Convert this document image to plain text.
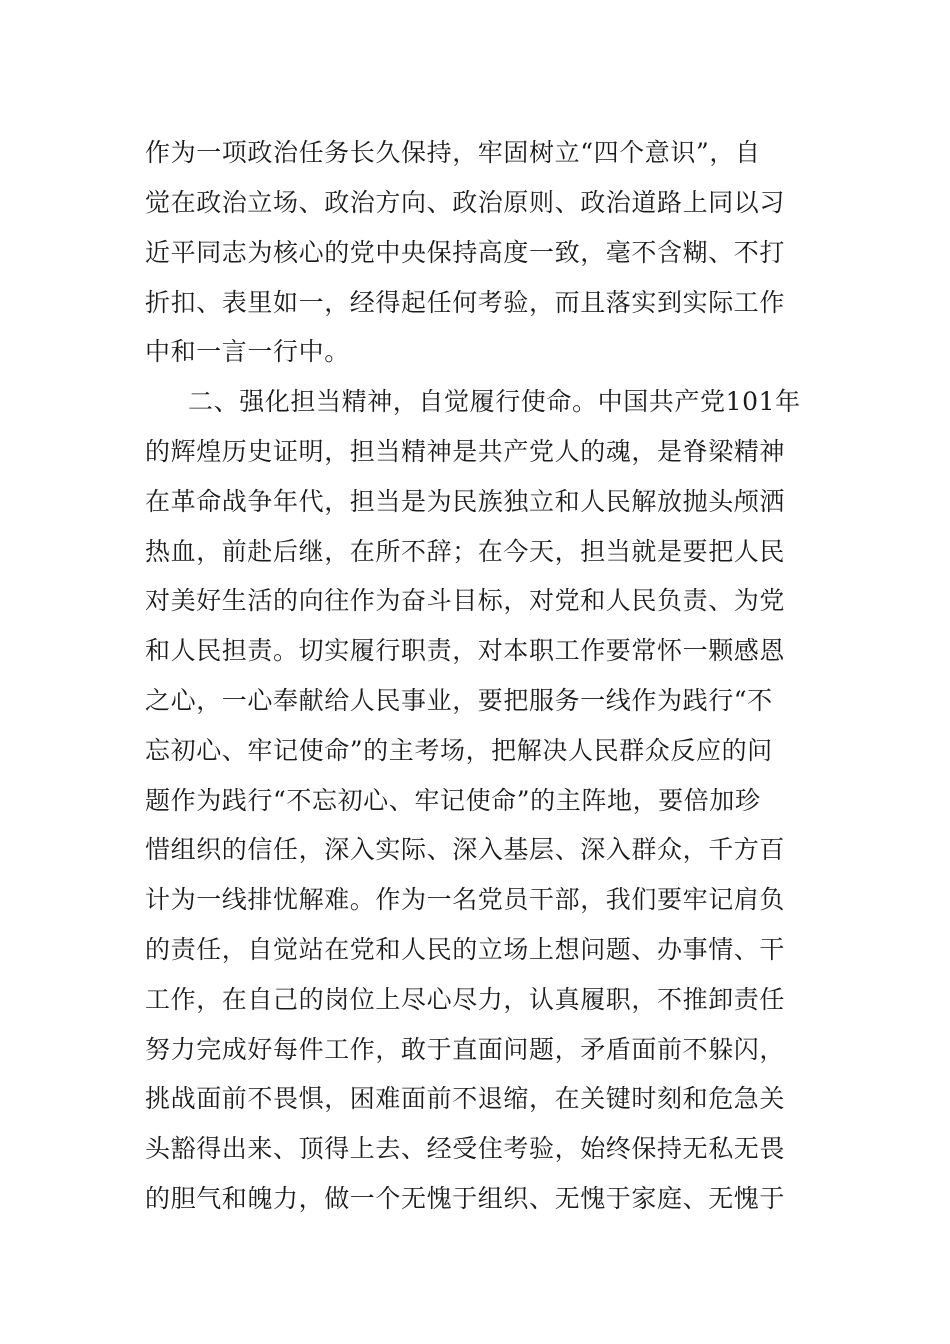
作为一项政治任务长久保持，牢固树立“四个意识”，自
觉在政治立场、政治方向、政治原则、政治道路上同以习
近平同志为核心的党中央保持高度一致，毫不含糊、不打
折扣、表里如一，经得起任何考验，而且落实到实际工作
中和一言一行中。
二、强化担当精神，自觉履行使命。中国共产党101年
的辉煌历史证明，担当精神是共产党人的魂，是脊梁精神
在革命战争年代，担当是为民族独立和人民解放抛头颅洒
热血，前赴后继，在所不辞；在今天，担当就是要把人民
对美好生活的向往作为奋斗目标，对党和人民负责、为党
和人民担责。切实履行职责，对本职工作要常怀一颗感恩
之心，一心奉献给人民事业，要把服务一线作为践行“不
忘初心、牢记使命”的主考场，把解决人民群众反应的问
题作为践行“不忘初心、牢记使命”的主阵地，要倍加珍
惜组织的信任，深入实际、深入基层、深入群众，千方百
计为一线排忧解难。作为一名党员干部，我们要牢记肩负
的责任，自觉站在党和人民的立场上想问题、办事情、干
工作，在自己的岗位上尽心尽力，认真履职，不推卸责任
努力完成好每件工作，敢于直面问题，矛盾面前不躲闪，
挑战面前不畏惧，困难面前不退缩，在关键时刻和危急关
头豁得出来、顶得上去、经受住考验，始终保持无私无畏
的胆气和魄力，做一个无愧于组织、无愧于家庭、无愧于
